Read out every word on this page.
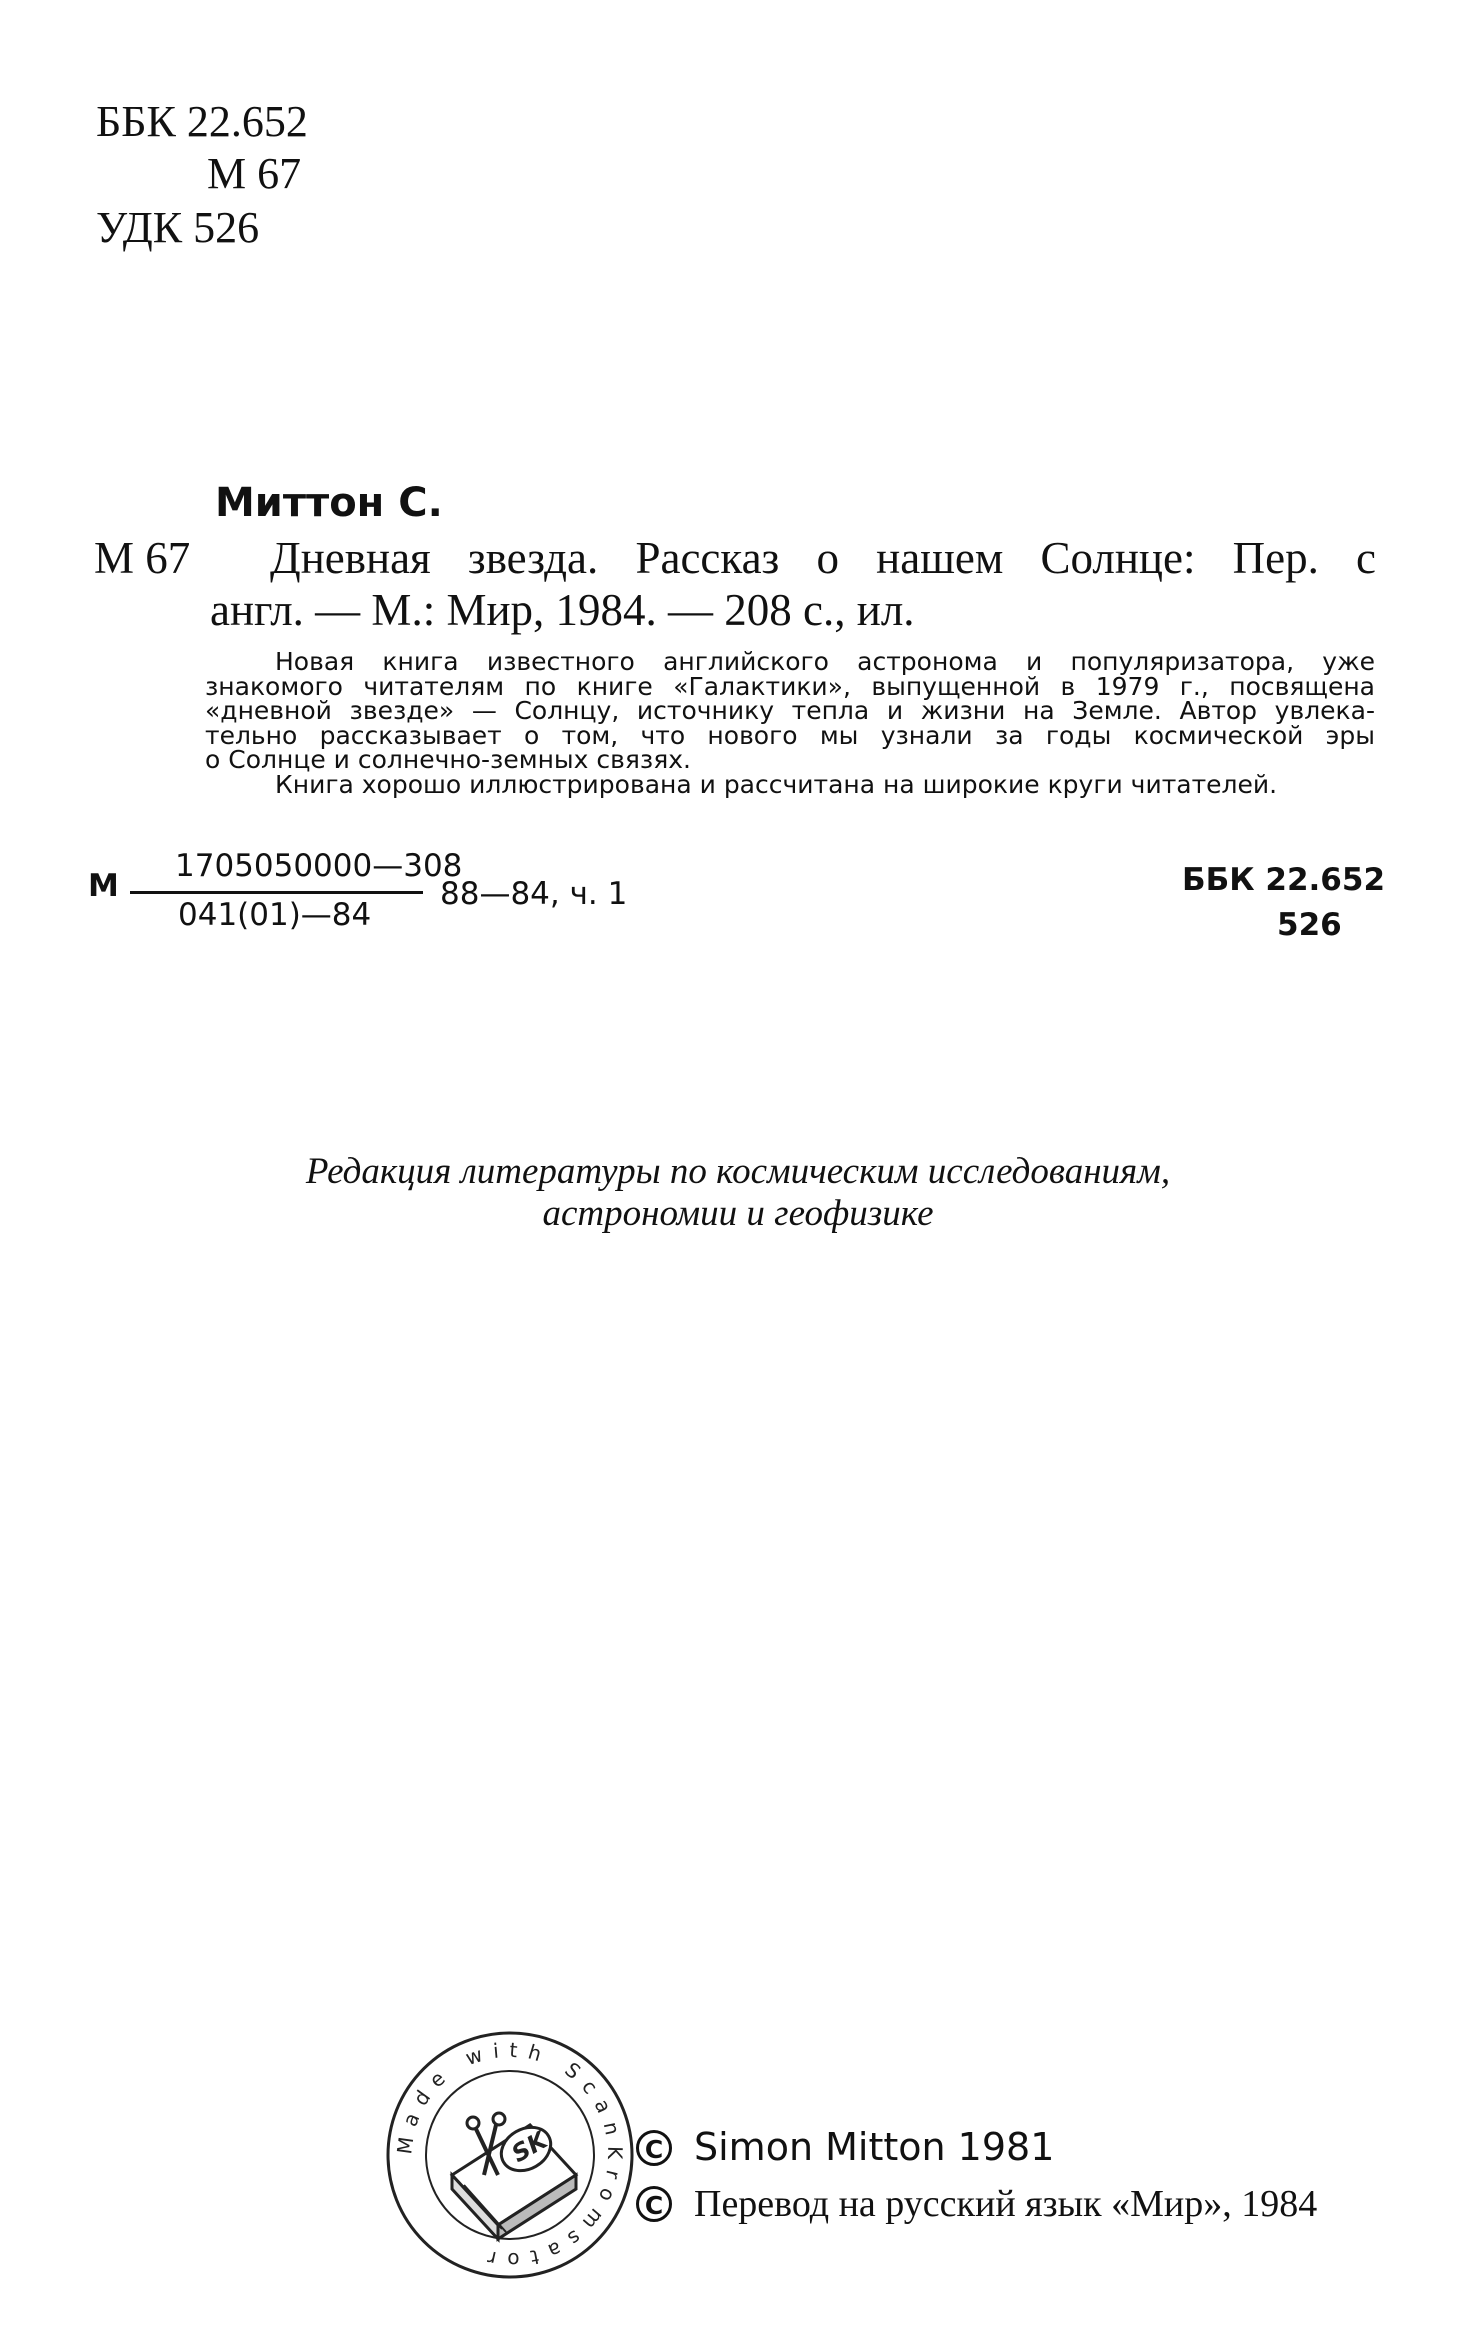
ББК 22.652
М 67
УДК 526
Миттон С.
М 67 Дневная звезда. Рассказ о нашем Солнце: Пер. с
англ. — М.: Мир, 1984. — 208 с., ил.

Новая книга известного английского астронома и популяризатора, уже

знакомого читателям по книге «Галактики», выпущенной в 1979 г., посвящена

«дневной звезде» — Солнцу, источнику тепла и жизни на Земле. Автор увлека-

тельно рассказывает о том, что нового мы узнали за годы космической эры

о Солнце и солнечно-земных связях.

Книга хорошо иллюстрирована и рассчитана на широкие круги читателей.

М
1705050000—308
041(01)—84
88—84, ч. 1	ББК 22.652
526
Редакция литературы по космическим исследованиям,
астрономии и геофизике
Made with ScanKromsator
SK	C Simon Mitton 1981
C Перевод на русский язык «Мир», 1984
